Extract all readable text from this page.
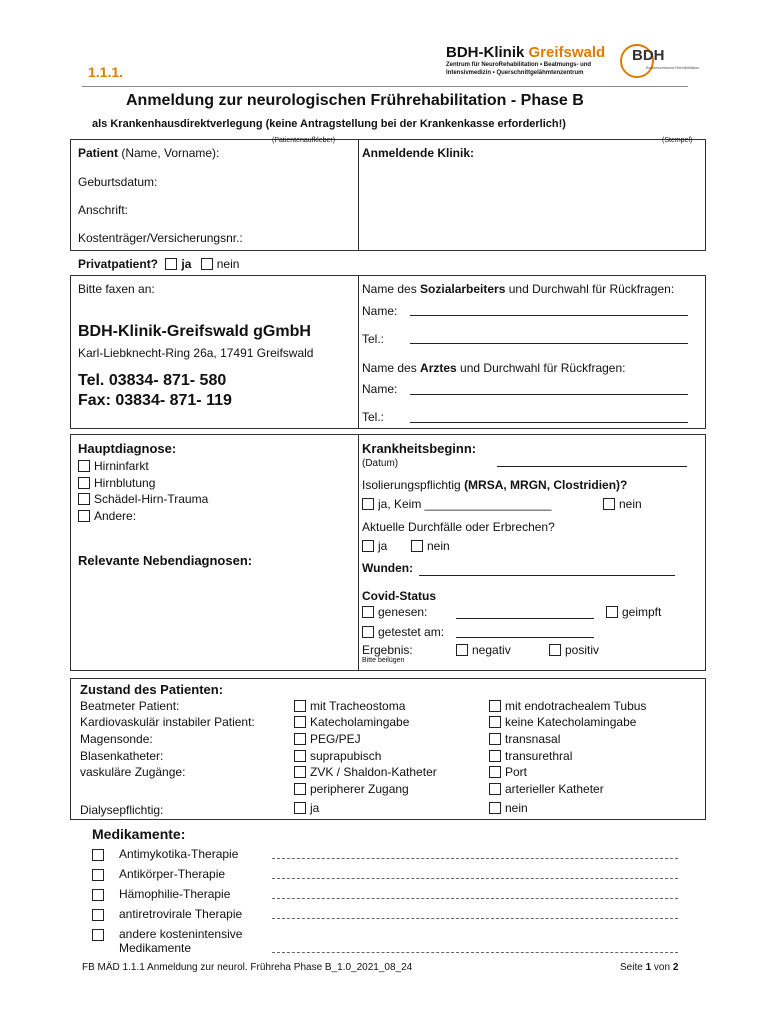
1.1.1.
BDH-Klinik Greifswald
Zentrum für NeuroRehabilitation • Beatmungs- und
Intensivmedizin • Querschnittgelähmtenzentrum
BDH
Bundesverband Rehabilitation
Anmeldung zur neurologischen Frührehabilitation - Phase B
als Krankenhausdirektverlegung (keine Antragstellung bei der Krankenkasse erforderlich!)
(Patientenaufkleber)
Patient (Name, Vorname):
Geburtsdatum:
Anschrift:
Kostenträger/Versicherungsnr.:
(Stempel)
Anmeldende Klinik:
Privatpatient? ja nein
Bitte faxen an:
BDH-Klinik-Greifswald gGmbH
Karl-Liebknecht-Ring 26a, 17491 Greifswald
Tel. 03834- 871- 580
Fax: 03834- 871- 119
Name des Sozialarbeiters und Durchwahl für Rückfragen:
Name:
Tel.:
Name des Arztes und Durchwahl für Rückfragen:
Name:
Tel.:
Hauptdiagnose:
Hirninfarkt
Hirnblutung
Schädel-Hirn-Trauma
Andere:
Relevante Nebendiagnosen:
Krankheitsbeginn:
(Datum)
Isolierungspflichtig (MRSA, MRGN, Clostridien)?
ja, Keim ___________________	nein
Aktuelle Durchfälle oder Erbrechen?
ja	nein
Wunden:
Covid-Status
genesen:	geimpft
getestet am:
Ergebnis:	negativ	positiv
Bitte beilügen
Zustand des Patienten:
Beatmeter Patient:	mit Tracheostoma	mit endotrachealem Tubus
Kardiovaskulär instabiler Patient:	Katecholamingabe	keine Katecholamingabe
Magensonde:	PEG/PEJ	transnasal
Blasenkatheter:	suprapubisch	transurethral
vaskuläre Zugänge:	ZVK / Shaldon-Katheter	Port
peripherer Zugang	arterieller Katheter
Dialysepflichtig:	ja	nein
Medikamente:
Antimykotika-Therapie
Antikörper-Therapie
Hämophilie-Therapie
antiretrovirale Therapie
andere kostenintensive
Medikamente
FB MÄD 1.1.1 Anmeldung zur neurol. Frühreha Phase B_1.0_2021_08_24	Seite 1 von 2
